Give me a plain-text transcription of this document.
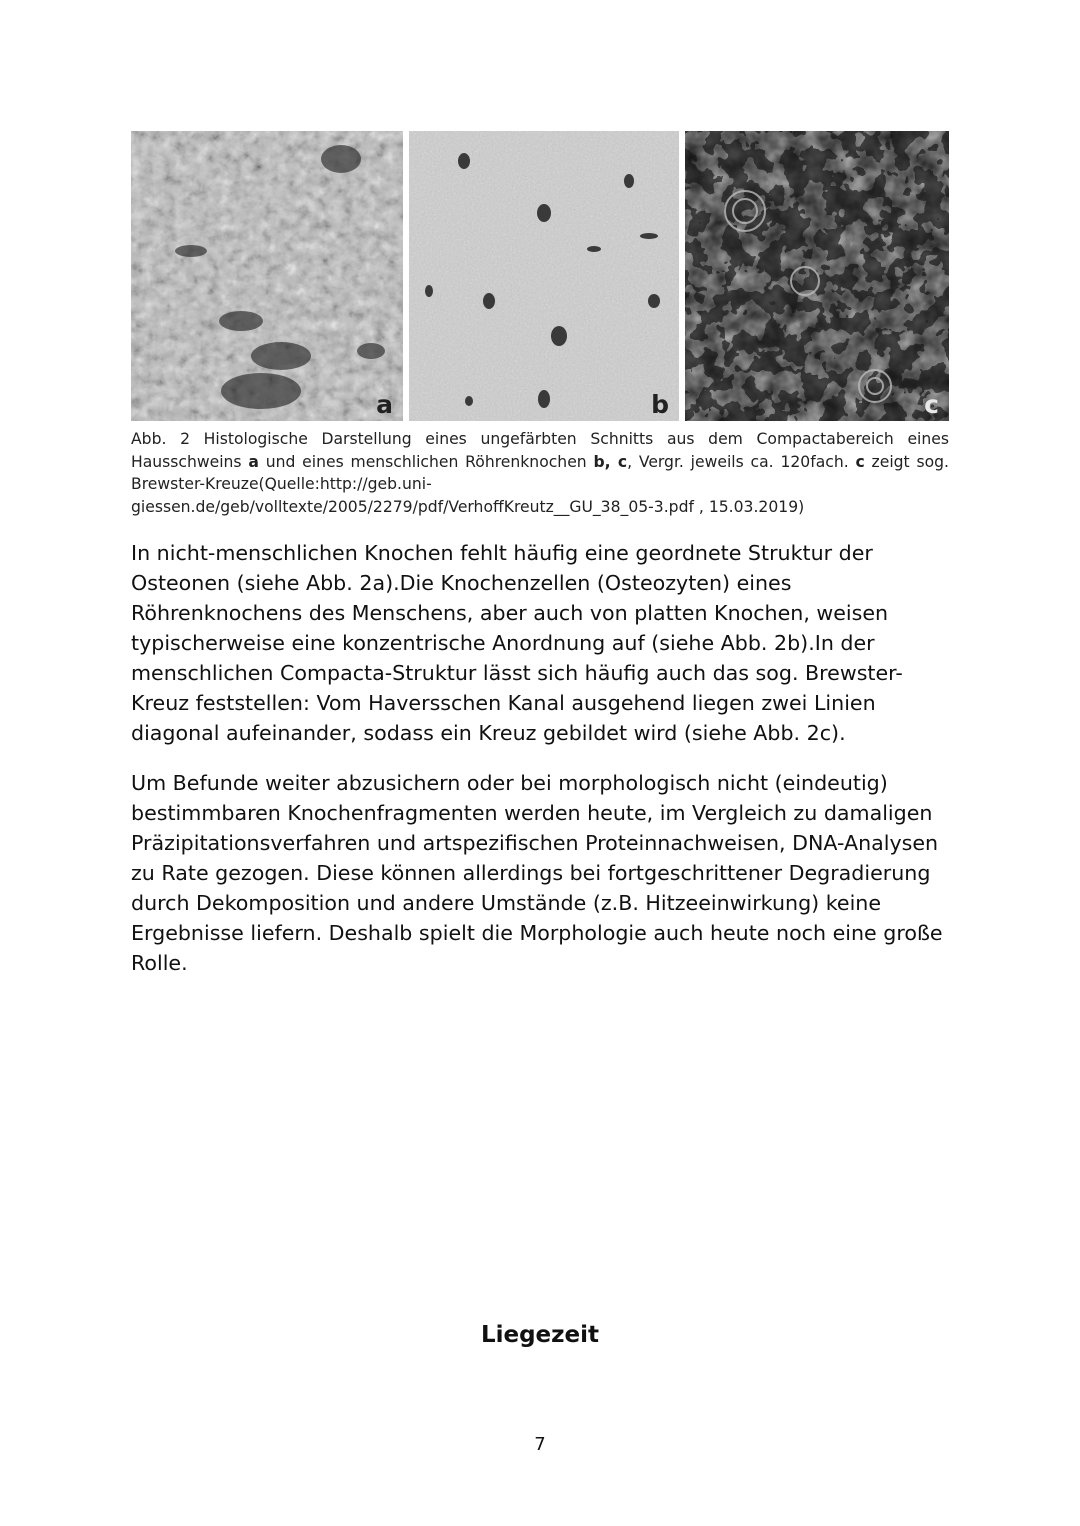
a	b	c
Abb. 2 Histologische Darstellung eines ungefärbten Schnitts aus dem Compactabereich eines Hausschweins a und eines menschlichen Röhrenknochen b, c, Vergr. jeweils ca. 120fach. c zeigt sog. Brewster-Kreuze(Quelle:http://geb.uni-
giessen.de/geb/volltexte/2005/2279/pdf/VerhoffKreutz__GU_38_05-3.pdf , 15.03.2019)

In nicht-menschlichen Knochen fehlt häufig eine geordnete Struktur der Osteonen (siehe Abb. 2a).Die Knochenzellen (Osteozyten) eines Röhrenknochens des Menschens, aber auch von platten Knochen, weisen typischerweise eine konzentrische Anordnung auf (siehe Abb. 2b).In der menschlichen Compacta-Struktur lässt sich häufig auch das sog. Brewster-Kreuz feststellen: Vom Haversschen Kanal ausgehend liegen zwei Linien diagonal aufeinander, sodass ein Kreuz gebildet wird (siehe Abb. 2c).

Um Befunde weiter abzusichern oder bei morphologisch nicht (eindeutig) bestimmbaren Knochenfragmenten werden heute, im Vergleich zu damaligen Präzipitationsverfahren und artspezifischen Proteinnachweisen, DNA-Analysen zu Rate gezogen. Diese können allerdings bei fortgeschrittener Degradierung durch Dekomposition und andere Umstände (z.B. Hitzeeinwirkung) keine Ergebnisse liefern. Deshalb spielt die Morphologie auch heute noch eine große Rolle.

Liegezeit
7
